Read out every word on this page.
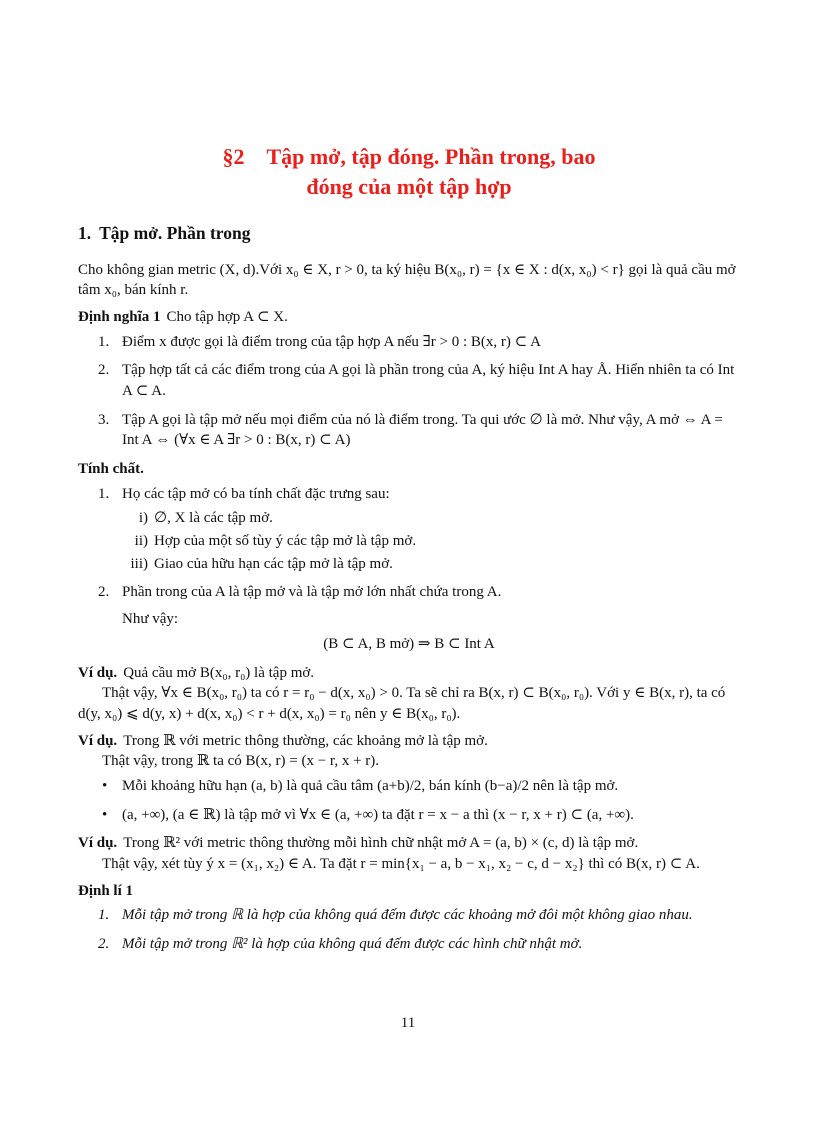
§2 Tập mở, tập đóng. Phần trong, bao
đóng của một tập hợp
1. Tập mở. Phần trong

Cho không gian metric (X, d).Với x₀ ∈ X, r > 0, ta ký hiệu B(x₀, r) = {x ∈ X : d(x, x₀) < r} gọi là quả cầu mở tâm x₀, bán kính r.

Định nghĩa 1 Cho tập hợp A ⊂ X.

1. Điểm x được gọi là điểm trong của tập hợp A nếu ∃r > 0 : B(x, r) ⊂ A
2. Tập hợp tất cả các điểm trong của A gọi là phần trong của A, ký hiệu Int A hay Å. Hiển nhiên ta có Int A ⊂ A.
3. Tập A gọi là tập mở nếu mọi điểm của nó là điểm trong. Ta qui ước ∅ là mở. Như vậy, A mở ⇔ A = Int A ⇔ (∀x ∈ A ∃r > 0 : B(x, r) ⊂ A)

Tính chất.

1. Họ các tập mở có ba tính chất đặc trưng sau:
i) ∅, X là các tập mở.
ii) Hợp của một số tùy ý các tập mở là tập mở.
iii) Giao của hữu hạn các tập mở là tập mở.
2. Phần trong của A là tập mở và là tập mở lớn nhất chứa trong A.

Như vậy:

(B ⊂ A, B mở) ⇒ B ⊂ Int A

Ví dụ. Quả cầu mở B(x₀, r₀) là tập mở.

Thật vậy, ∀x ∈ B(x₀, r₀) ta có r = r₀ − d(x, x₀) > 0. Ta sẽ chỉ ra B(x, r) ⊂ B(x₀, r₀). Với y ∈ B(x, r), ta có d(y, x₀) ⩽ d(y, x) + d(x, x₀) < r + d(x, x₀) = r₀ nên y ∈ B(x₀, r₀).

Ví dụ. Trong ℝ với metric thông thường, các khoảng mở là tập mở.

Thật vậy, trong ℝ ta có B(x, r) = (x − r, x + r).

• Mỗi khoảng hữu hạn (a, b) là quả cầu tâm (a+b)/2, bán kính (b−a)/2 nên là tập mở.
• (a, +∞), (a ∈ ℝ) là tập mở vì ∀x ∈ (a, +∞) ta đặt r = x − a thì (x − r, x + r) ⊂ (a, +∞).

Ví dụ. Trong ℝ² với metric thông thường mỗi hình chữ nhật mở A = (a, b) × (c, d) là tập mở.

Thật vậy, xét tùy ý x = (x₁, x₂) ∈ A. Ta đặt r = min{x₁ − a, b − x₁, x₂ − c, d − x₂} thì có B(x, r) ⊂ A.

Định lí 1

1. Mỗi tập mở trong ℝ là hợp của không quá đếm được các khoảng mở đôi một không giao nhau.
2. Mỗi tập mở trong ℝ² là hợp của không quá đếm được các hình chữ nhật mở.
11
